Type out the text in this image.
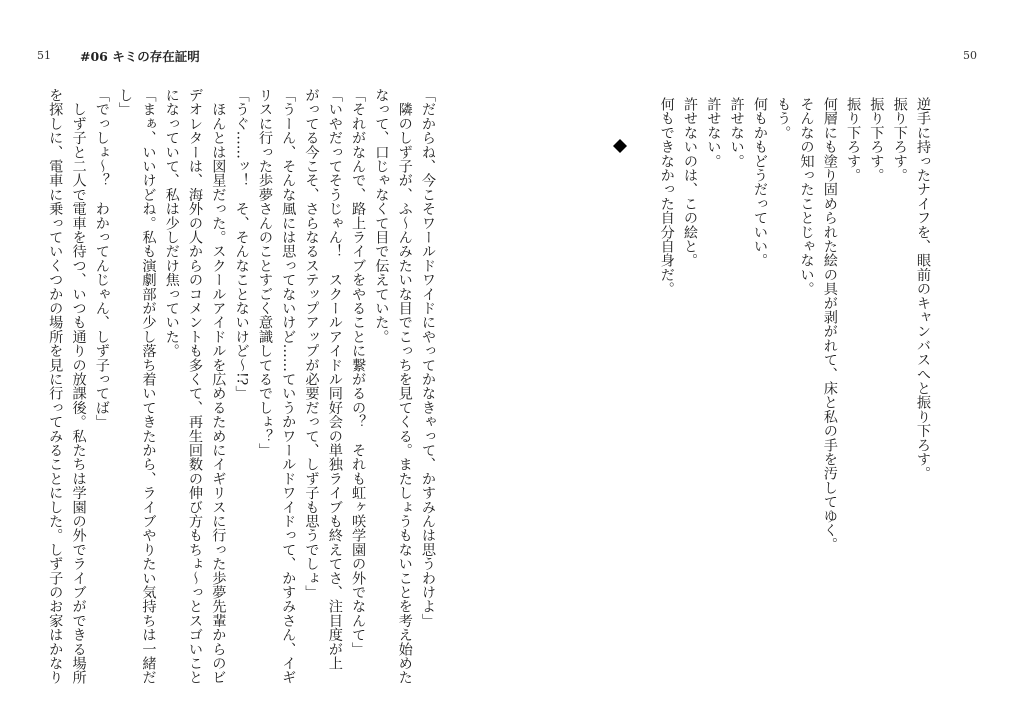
51 #06 キミの存在証明
「だからね、今こそワールドワイドにやってかなきゃって、かすみんは思うわけよ」
　隣のしず子が、ふ～んみたいな目でこっちを見てくる。またしょうもないことを考え始めた
なって、口じゃなくて目で伝えていた。
「それがなんで、路上ライブをやることに繋がるの？　それも虹ヶ咲学園の外でなんて」
「いやだってそうじゃん！　スクールアイドル同好会の単独ライブも終えてさ、注目度が上
がってる今こそ、さらなるステップアップが必要だって、しず子も思うでしょ」
「うーん、そんな風には思ってないけど……ていうかワールドワイドって、かすみさん、イギ
リスに行った歩夢さんのことすごく意識してるでしょ？」
「うぐ……ッ！　そ、そんなことないけど～!?」
　ほんとは図星だった。スクールアイドルを広めるためにイギリスに行った歩夢先輩からのビ
デオレターは、海外の人からのコメントも多くて、再生回数の伸び方もちょ～っとスゴいこと
になっていて、私は少しだけ焦っていた。
「まぁ、いいけどね。私も演劇部が少し落ち着いてきたから、ライブやりたい気持ちは一緒だ
し」
「でっしょ～？　わかってんじゃん、しず子ってば」
　しず子と二人で電車を待つ、いつも通りの放課後。私たちは学園の外でライブができる場所
を探しに、電車に乗っていくつかの場所を見に行ってみることにした。しず子のお家はかなり
50
逆手に持ったナイフを、眼前のキャンバスへと振り下ろす。
振り下ろす。
振り下ろす。
振り下ろす。
何層にも塗り固められた絵の具が剥がれて、床と私の手を汚してゆく。
そんなの知ったことじゃない。
もう。
何もかもどうだっていい。
許せない。
許せない。
許せないのは、この絵と。
何もできなかった自分自身だ。
